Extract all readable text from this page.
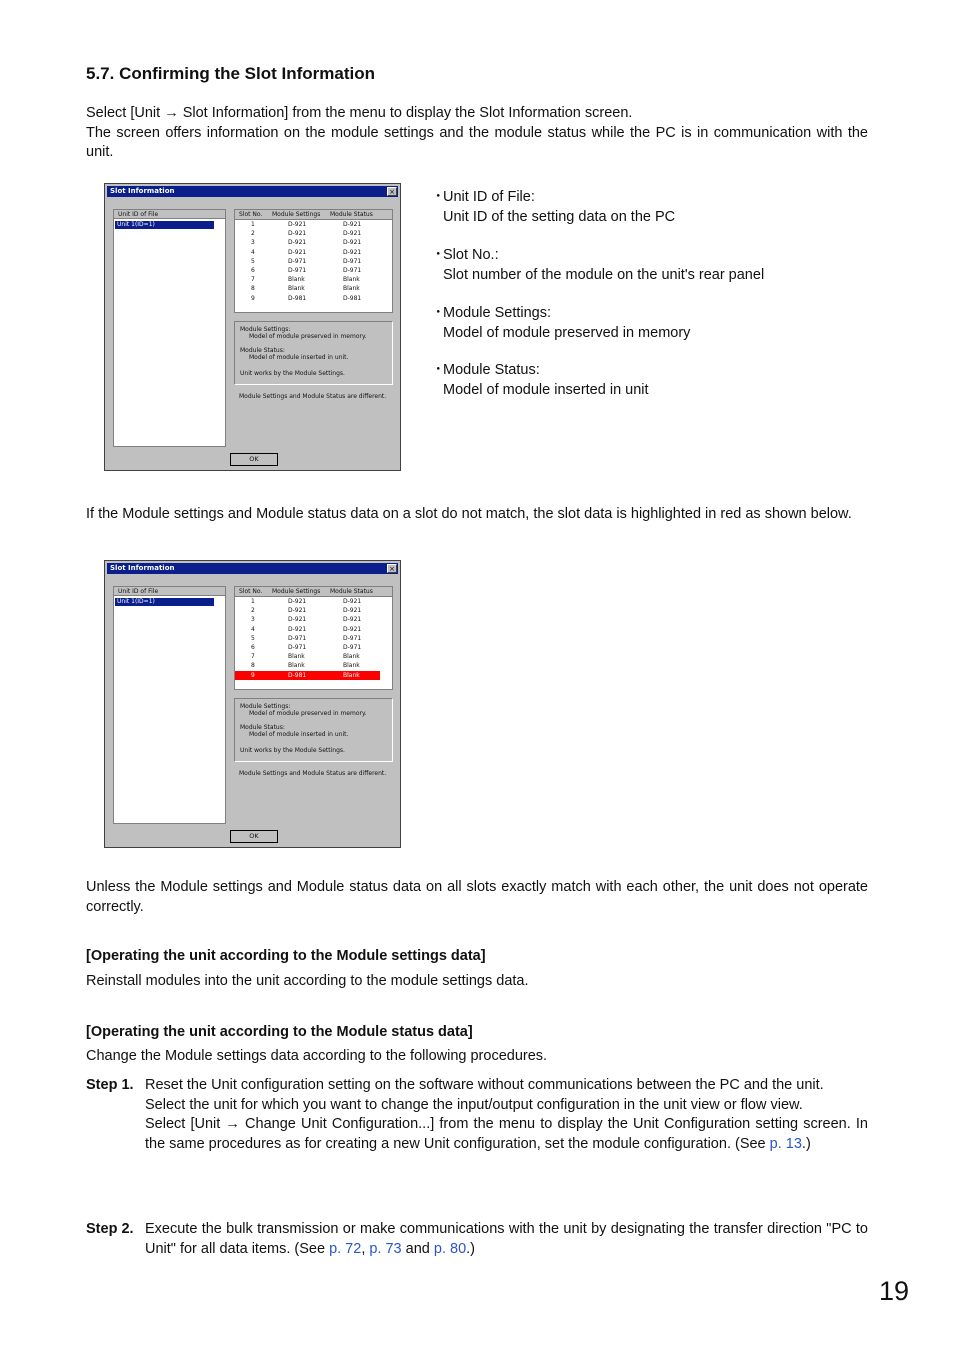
5.7. Confirming the Slot Information
Select [Unit → Slot Information] from the menu to display the Slot Information screen.
The screen offers information on the module settings and the module status while the PC is in communication with the unit.
Slot Information	×
Unit ID of File
Unit 1(ID=1)
Slot No. Module Settings Module Status
1	D-921	D-921
2	D-921	D-921
3	D-921	D-921
4	D-921	D-921
5	D-971	D-971
6	D-971	D-971
7	Blank	Blank
8	Blank	Blank
9	D-981	D-981
Module Settings:
Model of module preserved in memory.
Module Status:
Model of module inserted in unit.
Unit works by the Module Settings.
Module Settings and Module Status are different.
OK
・
Unit ID of File:
Unit ID of the setting data on the PC
・
Slot No.:
Slot number of the module on the unit's rear panel
・
Module Settings:
Model of module preserved in memory
・
Module Status:
Model of module inserted in unit
If the Module settings and Module status data on a slot do not match, the slot data is highlighted in red as shown below.
Slot Information	×
Unit ID of File
Unit 1(ID=1)
Slot No. Module Settings Module Status
1	D-921	D-921
2	D-921	D-921
3	D-921	D-921
4	D-921	D-921
5	D-971	D-971
6	D-971	D-971
7	Blank	Blank
8	Blank	Blank
9	D-981	Blank
Module Settings:
Model of module preserved in memory.
Module Status:
Model of module inserted in unit.
Unit works by the Module Settings.
Module Settings and Module Status are different.
OK
Unless the Module settings and Module status data on all slots exactly match with each other, the unit does not operate correctly.
[Operating the unit according to the Module settings data]
Reinstall modules into the unit according to the module settings data.
[Operating the unit according to the Module status data]
Change the Module settings data according to the following procedures.
Step 1. Reset the Unit configuration setting on the software without communications between the PC and the unit.
Select the unit for which you want to change the input/output configuration in the unit view or flow view.
Select [Unit → Change Unit Configuration...] from the menu to display the Unit Configuration setting screen. In the same procedures as for creating a new Unit configuration, set the module configuration. (See p. 13.)
Step 2. Execute the bulk transmission or make communications with the unit by designating the transfer direction "PC to Unit" for all data items. (See p. 72, p. 73 and p. 80.)
19
